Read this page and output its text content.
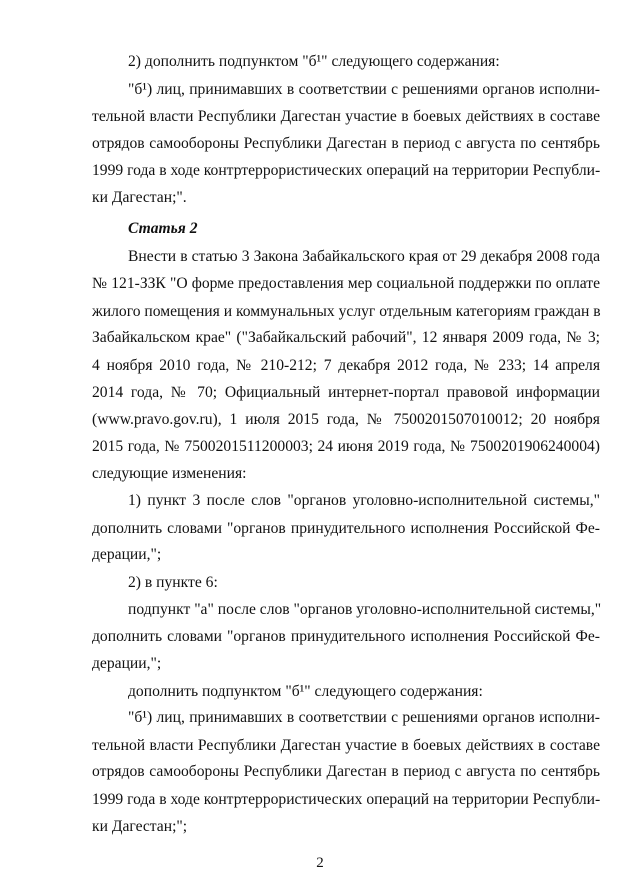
2) дополнить подпунктом "б¹" следующего содержания:
"б¹) лиц, принимавших в соответствии с решениями органов исполни-
тельной власти Республики Дагестан участие в боевых действиях в составе
отрядов самообороны Республики Дагестан в период с августа по сентябрь
1999 года в ходе контртеррористических операций на территории Республи-
ки Дагестан;".
Статья 2
Внести в статью 3 Закона Забайкальского края от 29 декабря 2008 года
№ 121-ЗЗК "О форме предоставления мер социальной поддержки по оплате
жилого помещения и коммунальных услуг отдельным категориям граждан в
Забайкальском крае" ("Забайкальский рабочий", 12 января 2009 года, № 3;
4 ноября 2010 года, № 210-212; 7 декабря 2012 года, № 233; 14 апреля
2014 года, № 70; Официальный интернет-портал правовой информации
(www.pravo.gov.ru), 1 июля 2015 года, № 7500201507010012; 20 ноября
2015 года, № 7500201511200003; 24 июня 2019 года, № 7500201906240004)
следующие изменения:
1) пункт 3 после слов "органов уголовно-исполнительной системы,"
дополнить словами "органов принудительного исполнения Российской Фе-
дерации,";
2) в пункте 6:
подпункт "а" после слов "органов уголовно-исполнительной системы,"
дополнить словами "органов принудительного исполнения Российской Фе-
дерации,";
дополнить подпунктом "б¹" следующего содержания:
"б¹) лиц, принимавших в соответствии с решениями органов исполни-
тельной власти Республики Дагестан участие в боевых действиях в составе
отрядов самообороны Республики Дагестан в период с августа по сентябрь
1999 года в ходе контртеррористических операций на территории Республи-
ки Дагестан;";
2
